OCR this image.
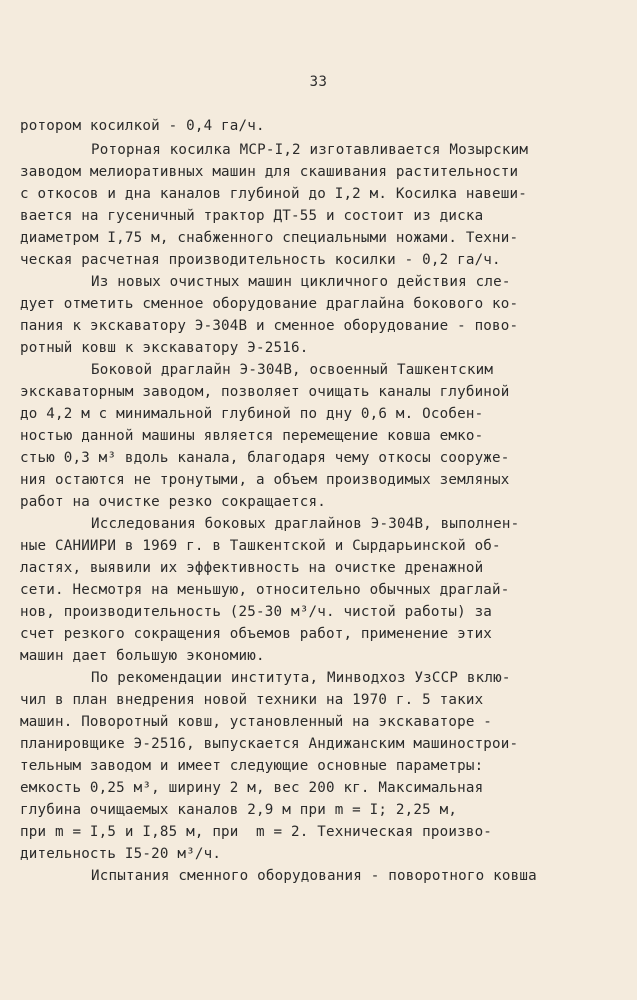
33
ротором косилкой - 0,4 га/ч.
Роторная косилка МСР-I,2 изготавливается Мозырским
заводом мелиоративных машин для скашивания растительности
с откосов и дна каналов глубиной до I,2 м. Косилка навеши-
вается на гусеничный трактор ДТ-55 и состоит из диска
диаметром I,75 м, снабженного специальными ножами. Техни-
ческая расчетная производительность косилки - 0,2 га/ч.
Из новых очистных машин цикличного действия сле-
дует отметить сменное оборудование драглайна бокового ко-
пания к экскаватору Э-304В и сменное оборудование - пово-
ротный ковш к экскаватору Э-2516.
Боковой драглайн Э-304В, освоенный Ташкентским
экскаваторным заводом, позволяет очищать каналы глубиной
до 4,2 м с минимальной глубиной по дну 0,6 м. Особен-
ностью данной машины является перемещение ковша емко-
стью 0,3 м³ вдоль канала, благодаря чему откосы сооруже-
ния остаются не тронутыми, а объем производимых земляных
работ на очистке резко сокращается.
Исследования боковых драглайнов Э-304В, выполнен-
ные САНИИРИ в 1969 г. в Ташкентской и Сырдарьинской об-
ластях, выявили их эффективность на очистке дренажной
сети. Несмотря на меньшую, относительно обычных драглай-
нов, производительность (25-30 м³/ч. чистой работы) за
счет резкого сокращения объемов работ, применение этих
машин дает большую экономию.
По рекомендации института, Минводхоз УзССР вклю-
чил в план внедрения новой техники на 1970 г. 5 таких
машин. Поворотный ковш, установленный на экскаваторе -
планировщике Э-2516, выпускается Андижанским машинострои-
тельным заводом и имеет следующие основные параметры:
емкость 0,25 м³, ширину 2 м, вес 200 кг. Максимальная
глубина очищаемых каналов 2,9 м при m = I; 2,25 м,
при m = I,5 и I,85 м, при  m = 2. Техническая произво-
дительность I5-20 м³/ч.
Испытания сменного оборудования - поворотного ковша
